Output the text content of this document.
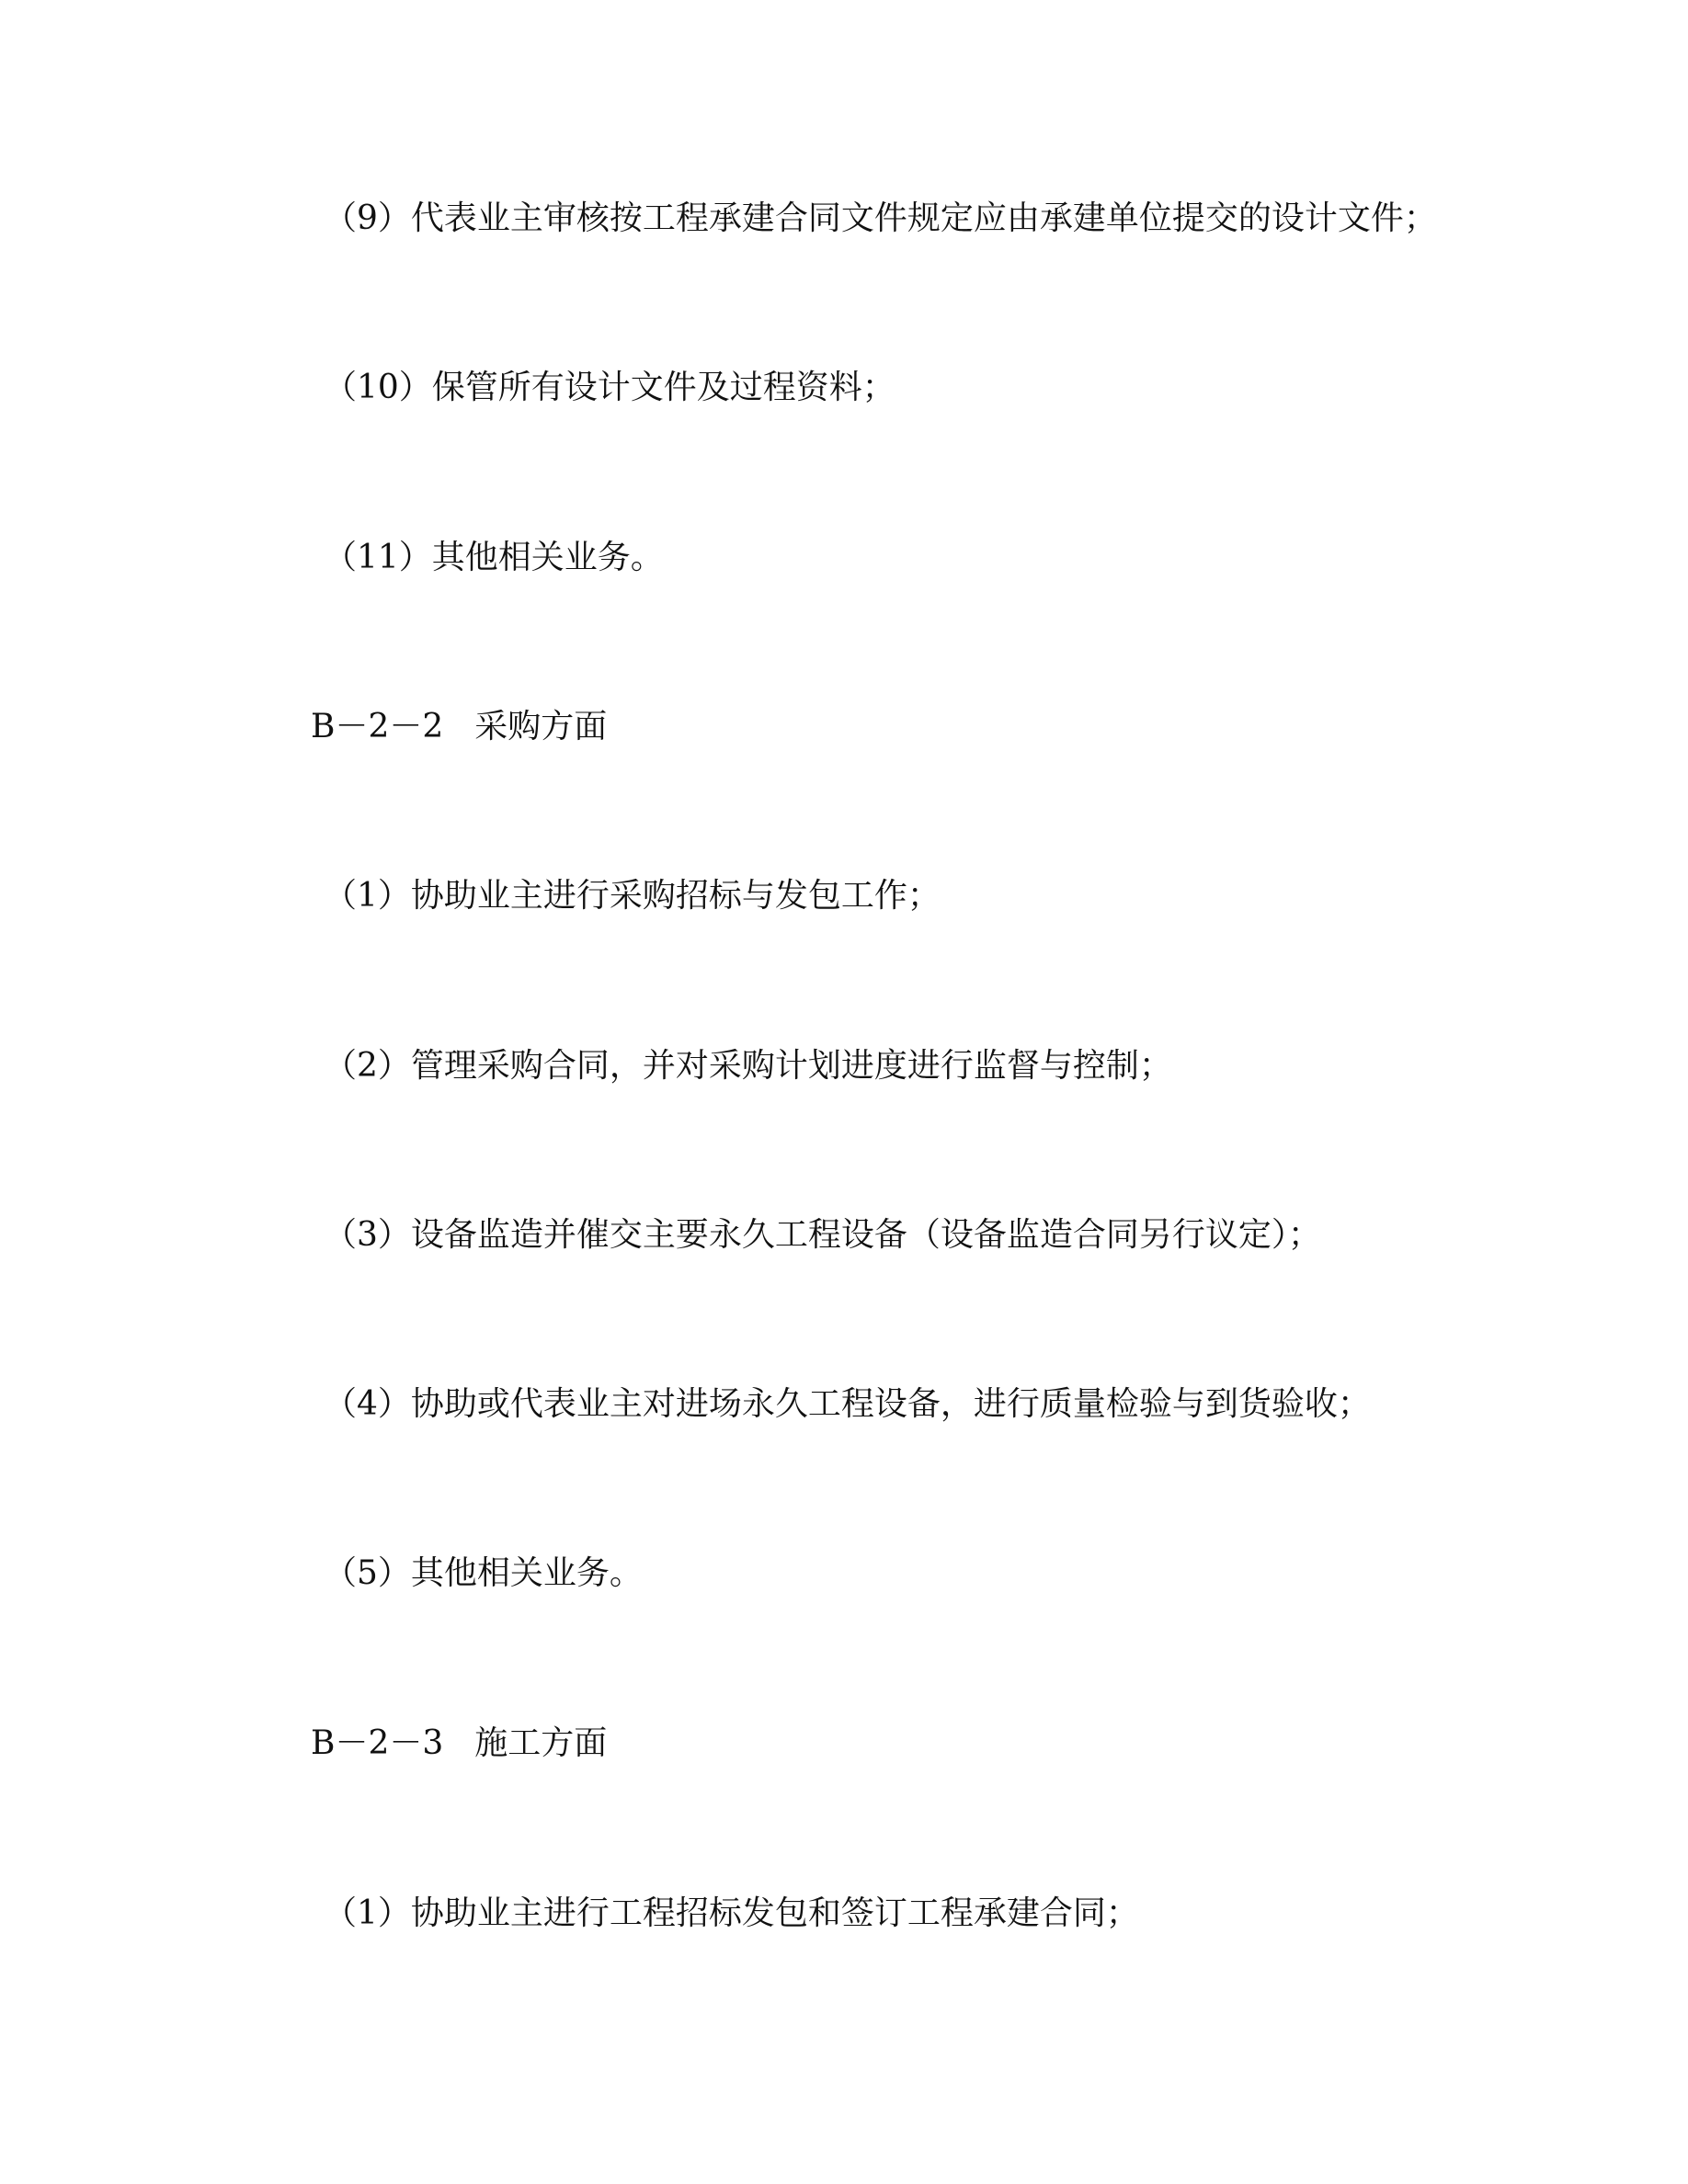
（9）代表业主审核按工程承建合同文件规定应由承建单位提交的设计文件；
（10）保管所有设计文件及过程资料；
（11）其他相关业务。
B－2－2 采购方面
（1）协助业主进行采购招标与发包工作；
（2）管理采购合同，并对采购计划进度进行监督与控制；
（3）设备监造并催交主要永久工程设备（设备监造合同另行议定）；
（4）协助或代表业主对进场永久工程设备，进行质量检验与到货验收；
（5）其他相关业务。
B－2－3 施工方面
（1）协助业主进行工程招标发包和签订工程承建合同；
